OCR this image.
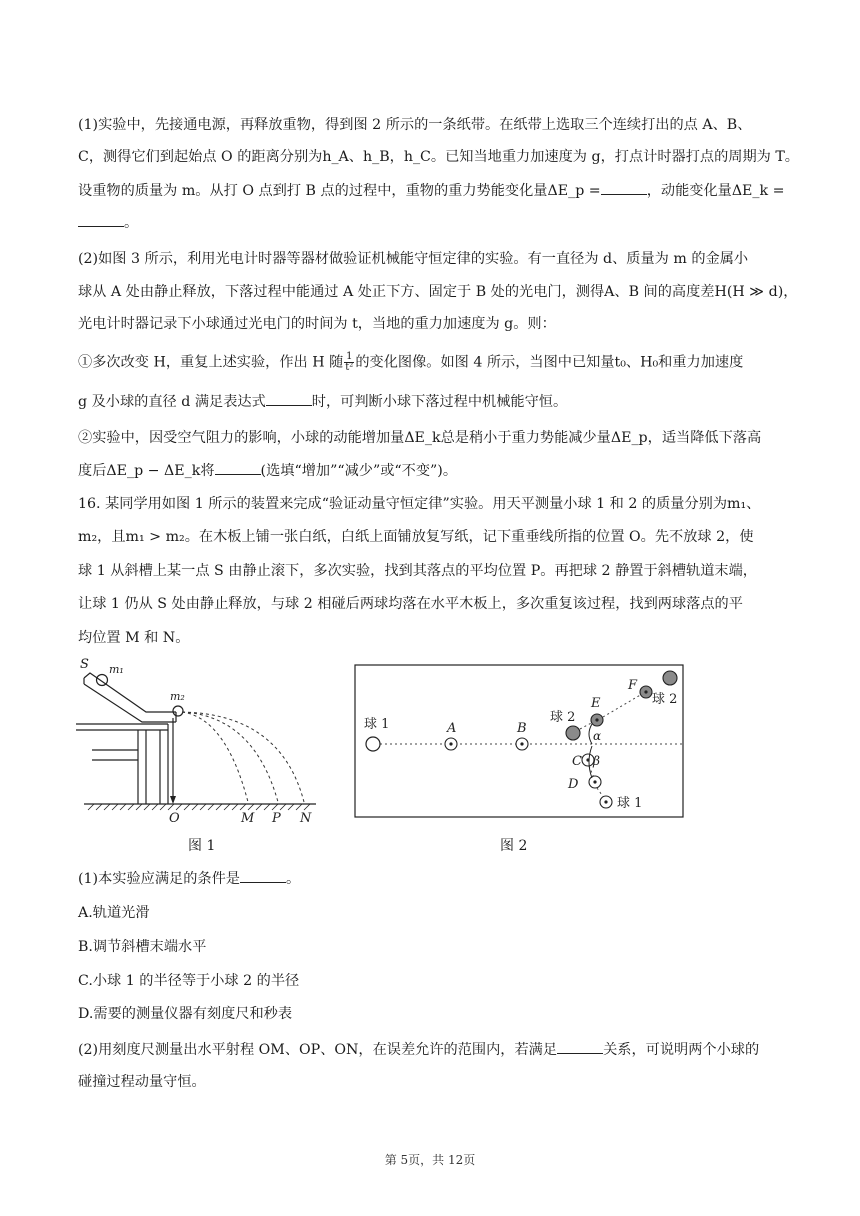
(1)实验中，先接通电源，再释放重物，得到图 2 所示的一条纸带。在纸带上选取三个连续打出的点 A、B、
C，测得它们到起始点 O 的距离分别为h_A、h_B，h_C。已知当地重力加速度为 g，打点计时器打点的周期为 T。
设重物的质量为 m。从打 O 点到打 B 点的过程中，重物的重力势能变化量ΔE_p =	，动能变化量ΔE_k =
。
(2)如图 3 所示，利用光电计时器等器材做验证机械能守恒定律的实验。有一直径为 d、质量为 m 的金属小
球从 A 处由静止释放，下落过程中能通过 A 处正下方、固定于 B 处的光电门，测得A、B 间的高度差H(H ≫ d)，
光电计时器记录下小球通过光电门的时间为 t，当地的重力加速度为 g。则：
①多次改变 H，重复上述实验，作出 H 随 $\frac{1}{\text{t²}}$ 的变化图像。如图 4 所示，当图中已知量t₀、H₀和重力加速度
g 及小球的直径 d 满足表达式	时，可判断小球下落过程中机械能守恒。
②实验中，因受空气阻力的影响，小球的动能增加量ΔE_k总是稍小于重力势能减少量ΔE_p，适当降低下落高
度后ΔE_p − ΔE_k将	(选填“增加”“减少”或“不变”)。
16. 某同学用如图 1 所示的装置来完成“验证动量守恒定律”实验。用天平测量小球 1 和 2 的质量分别为m₁、
m₂，且m₁ > m₂。在木板上铺一张白纸，白纸上面铺放复写纸，记下重垂线所指的位置 O。先不放球 2，使
球 1 从斜槽上某一点 S 由静止滚下，多次实验，找到其落点的平均位置 P。再把球 2 静置于斜槽轨道末端，
让球 1 仍从 S 处由静止释放，与球 2 相碰后两球均落在水平木板上，多次重复该过程，找到两球落点的平
均位置 M 和 N。
S m₁
m₂
O	M P N
图 1
球 1	A	B
球 2
E
F
球 2
C
D
球 1
α
β
图 2
(1)本实验应满足的条件是	。
A.轨道光滑
B.调节斜槽末端水平
C.小球 1 的半径等于小球 2 的半径
D.需要的测量仪器有刻度尺和秒表
(2)用刻度尺测量出水平射程 OM、OP、ON，在误差允许的范围内，若满足	关系，可说明两个小球的
碰撞过程动量守恒。
第 5页，共 12页
